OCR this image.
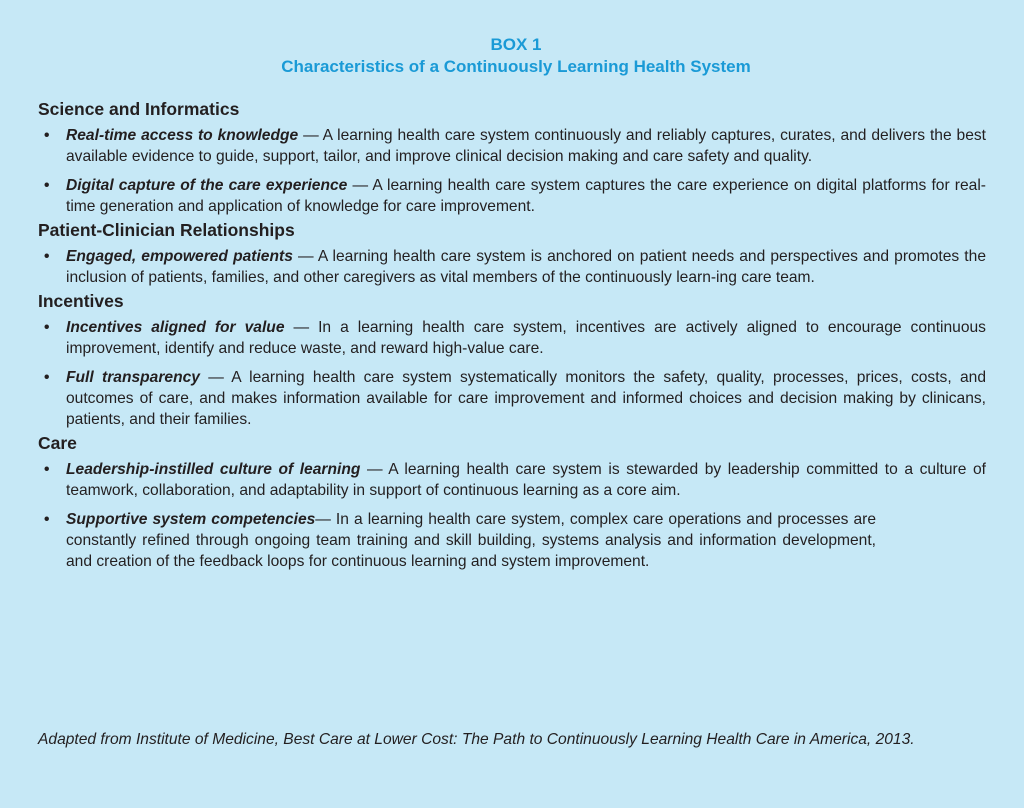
BOX 1
Characteristics of a Continuously Learning Health System
Science and Informatics
• Real-time access to knowledge — A learning health care system continuously and reliably captures, curates, and delivers the best available evidence to guide, support, tailor, and improve clinical decision making and care safety and quality.
• Digital capture of the care experience — A learning health care system captures the care experience on digital platforms for real-time generation and application of knowledge for care improvement.
Patient-Clinician Relationships
• Engaged, empowered patients — A learning health care system is anchored on patient needs and perspectives and promotes the inclusion of patients, families, and other caregivers as vital members of the continuously learn-ing care team.
Incentives
• Incentives aligned for value — In a learning health care system, incentives are actively aligned to encourage continuous improvement, identify and reduce waste, and reward high-value care.
• Full transparency — A learning health care system systematically monitors the safety, quality, processes, prices, costs, and outcomes of care, and makes information available for care improvement and informed choices and decision making by clinicans, patients, and their families.
Care
• Leadership-instilled culture of learning — A learning health care system is stewarded by leadership committed to a culture of teamwork, collaboration, and adaptability in support of continuous learning as a core aim.
• Supportive system competencies— In a learning health care system, complex care operations and processes are constantly refined through ongoing team training and skill building, systems analysis and information development, and creation of the feedback loops for continuous learning and system improvement.
Adapted from Institute of Medicine, Best Care at Lower Cost: The Path to Continuously Learning Health Care in America, 2013.
